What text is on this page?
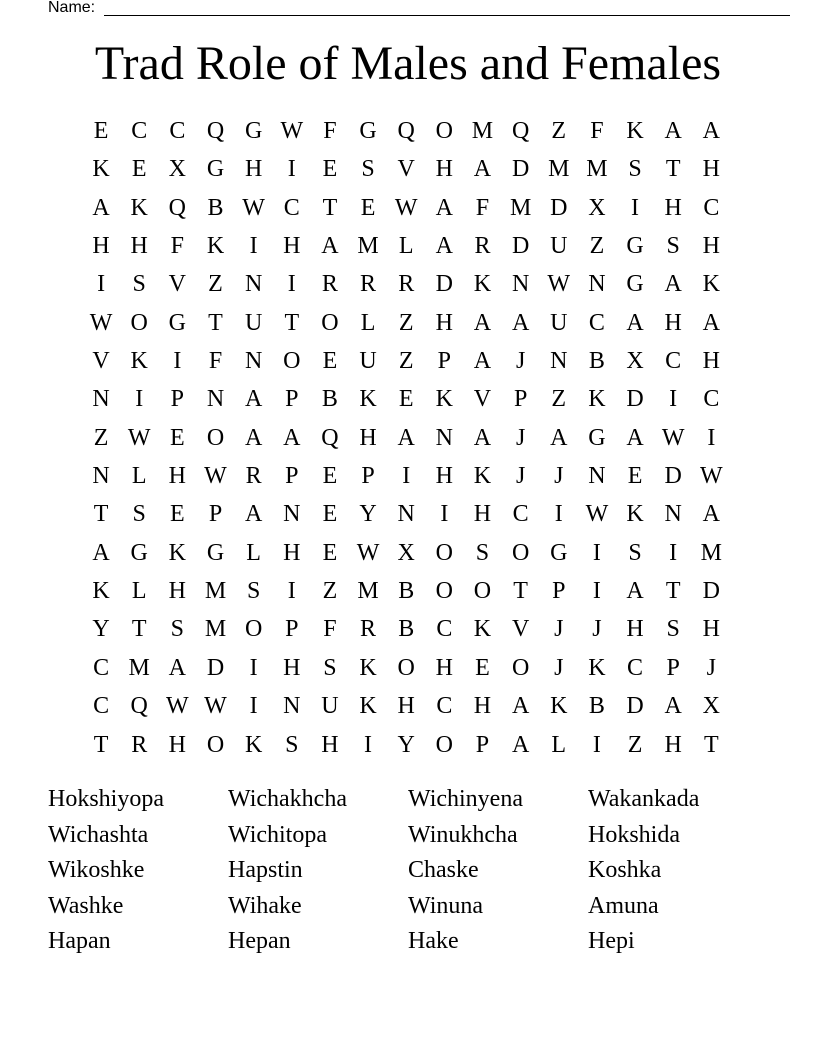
Name:
Trad Role of Males and Females
E C C Q G W F G Q O M Q Z	F K A A
K E X G H	I	E	S V H A D M M S	T H
A K Q B W C T E W A F M D X	I	H C
H H F K	I	H A M L A R D U Z G S H
I	S V Z N	I	R R R D K N W N G A K
W O G T U T O L Z H A A U C A H A
V K	I	F N O E U Z	P A	J	N B X C H
N	I	P N A P B K E K V P	Z K D	I	C
Z W E O A A Q H A N A	J	A G A W I
N L H W R P	E	P	I	H K	J	J	N E D W
T	S	E	P A N E Y N	I	H C	I W K N A
A G K G L H E W X O S O G	I	S	I M
K L H M S	I	Z M B O O T	P	I	A T D
Y T	S M O P	F R B C K V	J	J	H S H
C M A D	I	H S K O H E O	J	K C P	J
C Q W W I	N U K H C H A K B D A X
T R H O K S H	I	Y O P A L	I	Z H T
Hokshiyopa	Wichakhcha	Wichinyena	Wakankada
Wichashta	Wichitopa	Winukhcha	Hokshida
Wikoshke	Hapstin	Chaske	Koshka
Washke	Wihake	Winuna	Amuna
Hapan	Hepan	Hake	Hepi
